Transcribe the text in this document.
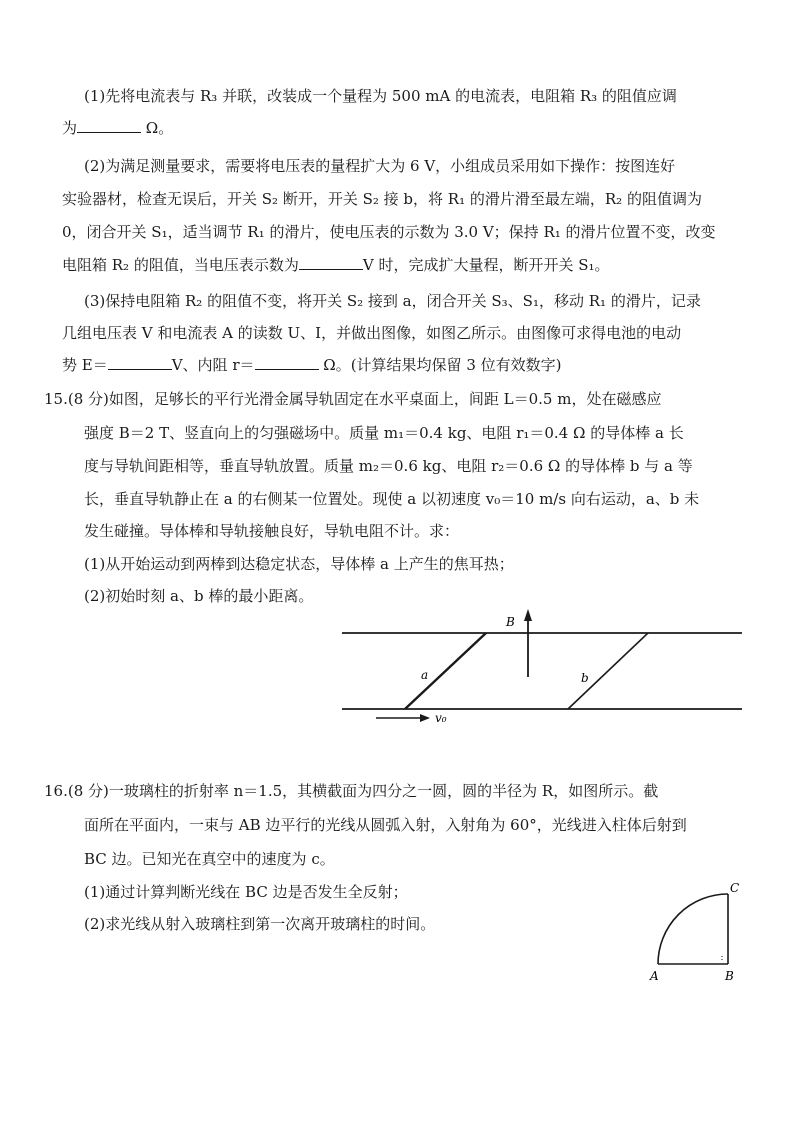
(1)先将电流表与 R₃ 并联，改装成一个量程为 500 mA 的电流表，电阻箱 R₃ 的阻值应调
为	Ω。
(2)为满足测量要求，需要将电压表的量程扩大为 6 V，小组成员采用如下操作：按图连好
实验器材，检查无误后，开关 S₂ 断开，开关 S₂ 接 b，将 R₁ 的滑片滑至最左端，R₂ 的阻值调为
0，闭合开关 S₁，适当调节 R₁ 的滑片，使电压表的示数为 3.0 V；保持 R₁ 的滑片位置不变，改变
电阻箱 R₂ 的阻值，当电压表示数为	V 时，完成扩大量程，断开开关 S₁。
(3)保持电阻箱 R₂ 的阻值不变，将开关 S₂ 接到 a，闭合开关 S₃、S₁，移动 R₁ 的滑片，记录
几组电压表 V 和电流表 A 的读数 U、I，并做出图像，如图乙所示。由图像可求得电池的电动
势 E＝	V、内阻 r＝	Ω。(计算结果均保留 3 位有效数字)
15.(8 分)如图，足够长的平行光滑金属导轨固定在水平桌面上，间距 L＝0.5 m，处在磁感应
强度 B＝2 T、竖直向上的匀强磁场中。质量 m₁＝0.4 kg、电阻 r₁＝0.4 Ω 的导体棒 a 长
度与导轨间距相等，垂直导轨放置。质量 m₂＝0.6 kg、电阻 r₂＝0.6 Ω 的导体棒 b 与 a 等
长，垂直导轨静止在 a 的右侧某一位置处。现使 a 以初速度 v₀＝10 m/s 向右运动，a、b 未
发生碰撞。导体棒和导轨接触良好，导轨电阻不计。求：
(1)从开始运动到两棒到达稳定状态，导体棒 a 上产生的焦耳热；
(2)初始时刻 a、b 棒的最小距离。
B
a	b
v₀
16.(8 分)一玻璃柱的折射率 n＝1.5，其横截面为四分之一圆，圆的半径为 R，如图所示。截
面所在平面内，一束与 AB 边平行的光线从圆弧入射，入射角为 60°，光线进入柱体后射到
BC 边。已知光在真空中的速度为 c。
(1)通过计算判断光线在 BC 边是否发生全反射；
(2)求光线从射入玻璃柱到第一次离开玻璃柱的时间。
A	B
C
